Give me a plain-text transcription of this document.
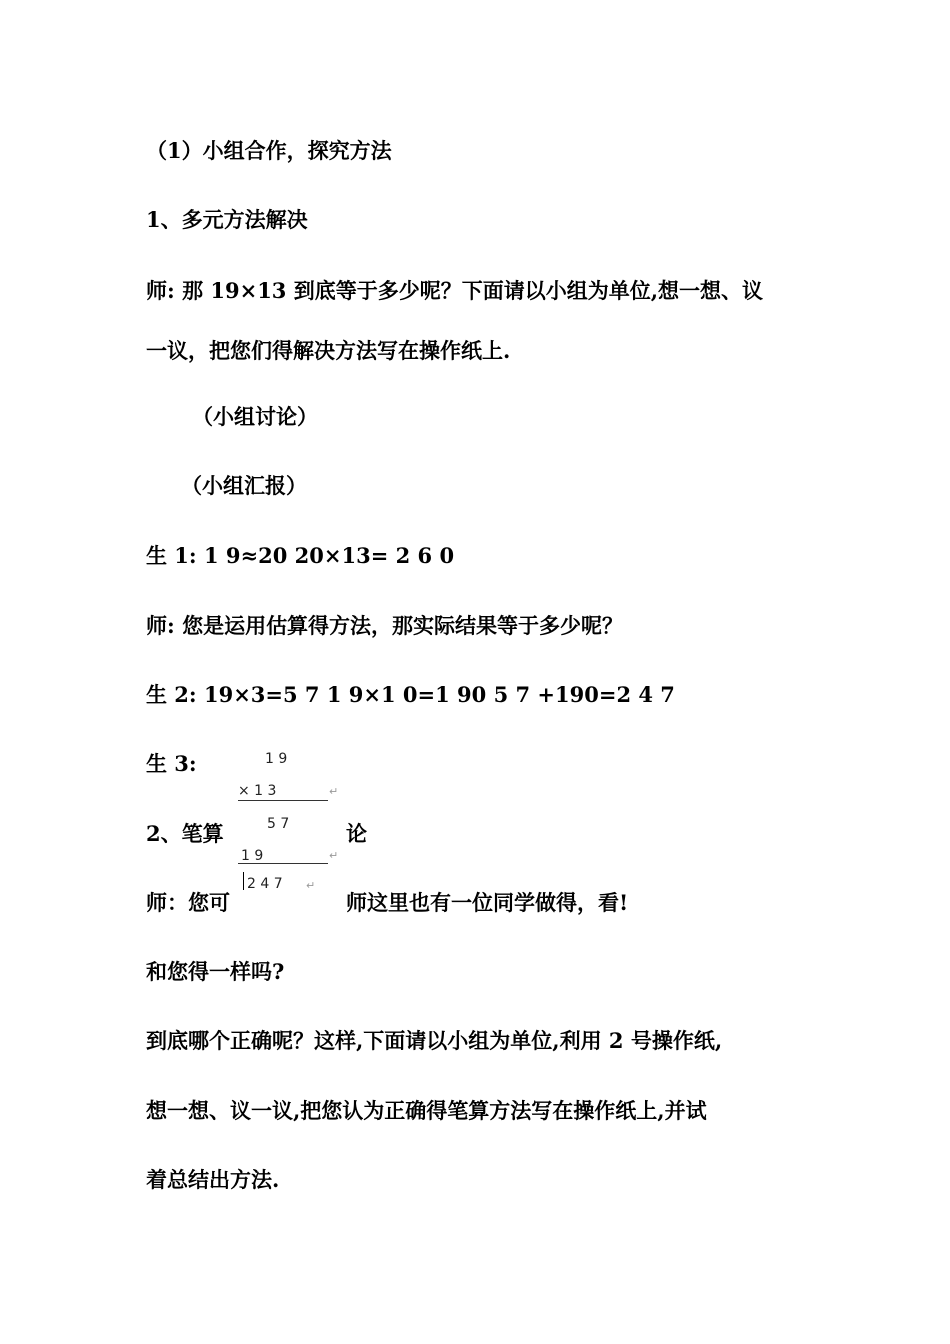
（1）小组合作，探究方法
1、多元方法解决
师: 那 19×13 到底等于多少呢？下面请以小组为单位,想一想、议
一议，把您们得解决方法写在操作纸上.
（小组讨论）
（小组汇报）
生 1: 1 9≈20 20×13= 2 6 0
师: 您是运用估算得方法，那实际结果等于多少呢？
生 2: 19×3=5 7 1 9×1 0=1 90 5 7 +190=2 4 7
生 3:
2、笔算	论
师：您可	师这里也有一位同学做得，看!
和您得一样吗?
到底哪个正确呢？这样,下面请以小组为单位,利用 2 号操作纸,
想一想、议一议,把您认为正确得笔算方法写在操作纸上,并试
着总结出方法.
1 9
× 1 3	↵
5 7
1 9	↵
2 4 7 ↵
